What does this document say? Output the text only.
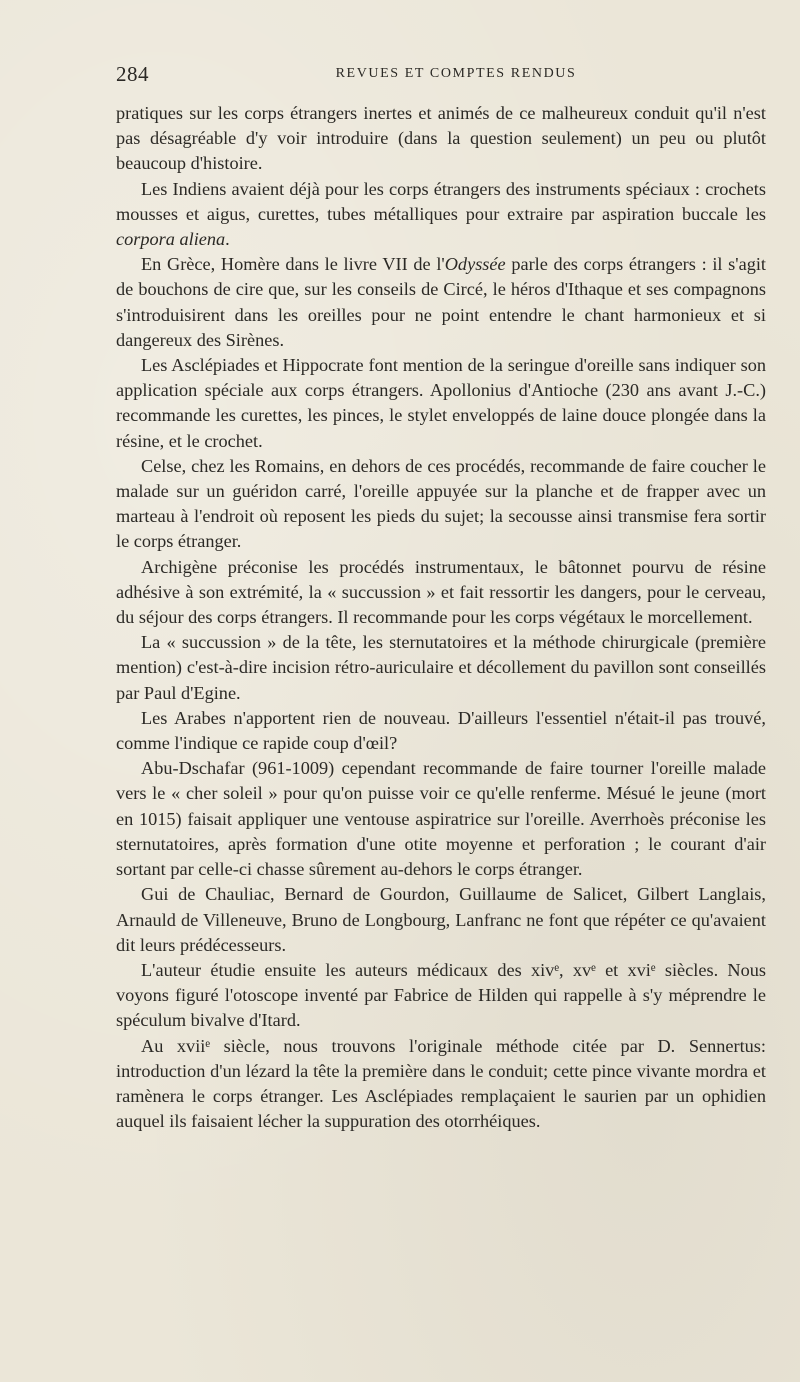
284	REVUES ET COMPTES RENDUS

pratiques sur les corps étrangers inertes et animés de ce malheureux conduit qu'il n'est pas désagréable d'y voir introduire (dans la question seulement) un peu ou plutôt beaucoup d'histoire.

Les Indiens avaient déjà pour les corps étrangers des instruments spéciaux : crochets mousses et aigus, curettes, tubes métalliques pour extraire par aspiration buccale les corpora aliena.

En Grèce, Homère dans le livre VII de l'Odyssée parle des corps étrangers : il s'agit de bouchons de cire que, sur les conseils de Circé, le héros d'Ithaque et ses compagnons s'introduisirent dans les oreilles pour ne point entendre le chant harmonieux et si dangereux des Sirènes.

Les Asclépiades et Hippocrate font mention de la seringue d'oreille sans indiquer son application spéciale aux corps étrangers. Apollonius d'Antioche (230 ans avant J.-C.) recommande les curettes, les pinces, le stylet enveloppés de laine douce plongée dans la résine, et le crochet.

Celse, chez les Romains, en dehors de ces procédés, recommande de faire coucher le malade sur un guéridon carré, l'oreille appuyée sur la planche et de frapper avec un marteau à l'endroit où reposent les pieds du sujet; la secousse ainsi transmise fera sortir le corps étranger.

Archigène préconise les procédés instrumentaux, le bâtonnet pourvu de résine adhésive à son extrémité, la « succussion » et fait ressortir les dangers, pour le cerveau, du séjour des corps étrangers. Il recommande pour les corps végétaux le morcellement.

La « succussion » de la tête, les sternutatoires et la méthode chirurgicale (première mention) c'est-à-dire incision rétro-auriculaire et décollement du pavillon sont conseillés par Paul d'Egine.

Les Arabes n'apportent rien de nouveau. D'ailleurs l'essentiel n'était-il pas trouvé, comme l'indique ce rapide coup d'œil?

Abu-Dschafar (961-1009) cependant recommande de faire tourner l'oreille malade vers le « cher soleil » pour qu'on puisse voir ce qu'elle renferme. Mésué le jeune (mort en 1015) faisait appliquer une ventouse aspiratrice sur l'oreille. Averrhoès préconise les sternutatoires, après formation d'une otite moyenne et perforation ; le courant d'air sortant par celle-ci chasse sûrement au-dehors le corps étranger.

Gui de Chauliac, Bernard de Gourdon, Guillaume de Salicet, Gilbert Langlais, Arnauld de Villeneuve, Bruno de Longbourg, Lanfranc ne font que répéter ce qu'avaient dit leurs prédécesseurs.

L'auteur étudie ensuite les auteurs médicaux des xivᵉ, xvᵉ et xviᵉ siècles. Nous voyons figuré l'otoscope inventé par Fabrice de Hilden qui rappelle à s'y méprendre le spéculum bivalve d'Itard.

Au xviiᵉ siècle, nous trouvons l'originale méthode citée par D. Sennertus: introduction d'un lézard la tête la première dans le conduit; cette pince vivante mordra et ramènera le corps étranger. Les Asclépiades remplaçaient le saurien par un ophidien auquel ils faisaient lécher la suppuration des otorrhéiques.
